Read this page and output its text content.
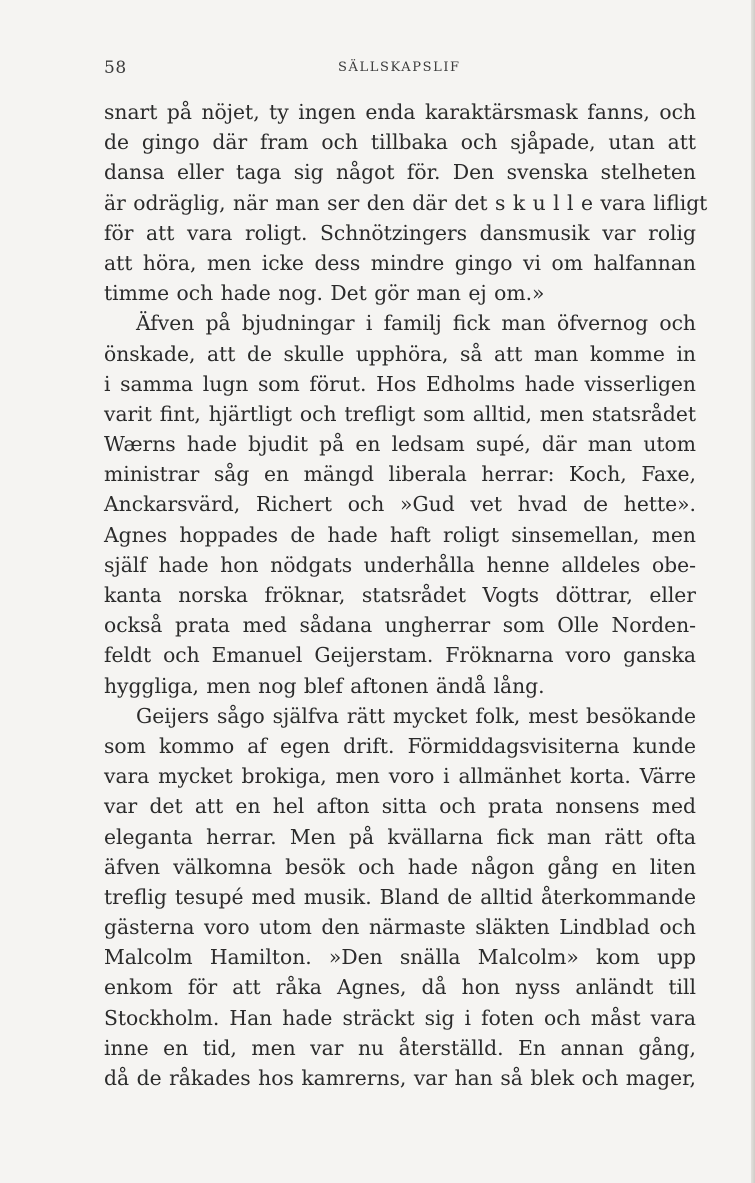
58	SÄLLSKAPSLIF
snart på nöjet, ty ingen enda karaktärsmask fanns, och
de gingo där fram och tillbaka och sjåpade, utan att
dansa eller taga sig något för. Den svenska stelheten
är odräglig, när man ser den där det s k u l l e vara lifligt
för att vara roligt. Schnötzingers dansmusik var rolig
att höra, men icke dess mindre gingo vi om halfannan
timme och hade nog. Det gör man ej om.»
Äfven på bjudningar i familj fick man öfvernog och
önskade, att de skulle upphöra, så att man komme in
i samma lugn som förut. Hos Edholms hade visserligen
varit fint, hjärtligt och trefligt som alltid, men statsrådet
Wærns hade bjudit på en ledsam supé, där man utom
ministrar såg en mängd liberala herrar: Koch, Faxe,
Anckarsvärd, Richert och »Gud vet hvad de hette».
Agnes hoppades de hade haft roligt sinsemellan, men
själf hade hon nödgats underhålla henne alldeles obe-
kanta norska fröknar, statsrådet Vogts döttrar, eller
också prata med sådana ungherrar som Olle Norden-
feldt och Emanuel Geijerstam. Fröknarna voro ganska
hyggliga, men nog blef aftonen ändå lång.
Geijers sågo själfva rätt mycket folk, mest besökande
som kommo af egen drift. Förmiddagsvisiterna kunde
vara mycket brokiga, men voro i allmänhet korta. Värre
var det att en hel afton sitta och prata nonsens med
eleganta herrar. Men på kvällarna fick man rätt ofta
äfven välkomna besök och hade någon gång en liten
treflig tesupé med musik. Bland de alltid återkommande
gästerna voro utom den närmaste släkten Lindblad och
Malcolm Hamilton. »Den snälla Malcolm» kom upp
enkom för att råka Agnes, då hon nyss anländt till
Stockholm. Han hade sträckt sig i foten och måst vara
inne en tid, men var nu återställd. En annan gång,
då de råkades hos kamrerns, var han så blek och mager,
